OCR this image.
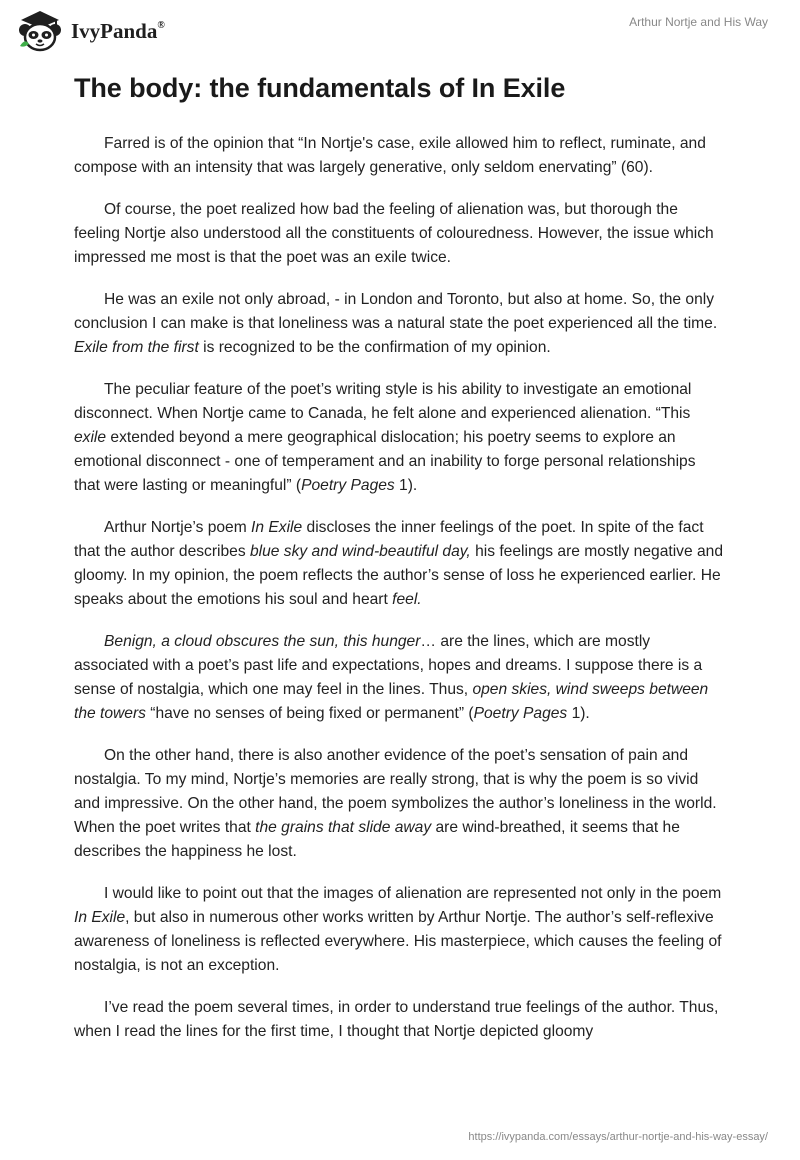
IvyPanda®	Arthur Nortje and His Way
The body: the fundamentals of In Exile

Farred is of the opinion that “In Nortje's case, exile allowed him to reflect, ruminate, and compose with an intensity that was largely generative, only seldom enervating” (60).

Of course, the poet realized how bad the feeling of alienation was, but thorough the feeling Nortje also understood all the constituents of colouredness. However, the issue which impressed me most is that the poet was an exile twice.

He was an exile not only abroad, - in London and Toronto, but also at home. So, the only conclusion I can make is that loneliness was a natural state the poet experienced all the time. Exile from the first is recognized to be the confirmation of my opinion.

The peculiar feature of the poet’s writing style is his ability to investigate an emotional disconnect. When Nortje came to Canada, he felt alone and experienced alienation. “This exile extended beyond a mere geographical dislocation; his poetry seems to explore an emotional disconnect - one of temperament and an inability to forge personal relationships that were lasting or meaningful” (Poetry Pages 1).

Arthur Nortje’s poem In Exile discloses the inner feelings of the poet. In spite of the fact that the author describes blue sky and wind-beautiful day, his feelings are mostly negative and gloomy. In my opinion, the poem reflects the author’s sense of loss he experienced earlier. He speaks about the emotions his soul and heart feel.

Benign, a cloud obscures the sun, this hunger… are the lines, which are mostly associated with a poet’s past life and expectations, hopes and dreams. I suppose there is a sense of nostalgia, which one may feel in the lines. Thus, open skies, wind sweeps between the towers “have no senses of being fixed or permanent” (Poetry Pages 1).

On the other hand, there is also another evidence of the poet’s sensation of pain and nostalgia. To my mind, Nortje’s memories are really strong, that is why the poem is so vivid and impressive. On the other hand, the poem symbolizes the author’s loneliness in the world. When the poet writes that the grains that slide away are wind-breathed, it seems that he describes the happiness he lost.

I would like to point out that the images of alienation are represented not only in the poem In Exile, but also in numerous other works written by Arthur Nortje. The author’s self-reflexive awareness of loneliness is reflected everywhere. His masterpiece, which causes the feeling of nostalgia, is not an exception.

I’ve read the poem several times, in order to understand true feelings of the author. Thus, when I read the lines for the first time, I thought that Nortje depicted gloomy

https://ivypanda.com/essays/arthur-nortje-and-his-way-essay/
